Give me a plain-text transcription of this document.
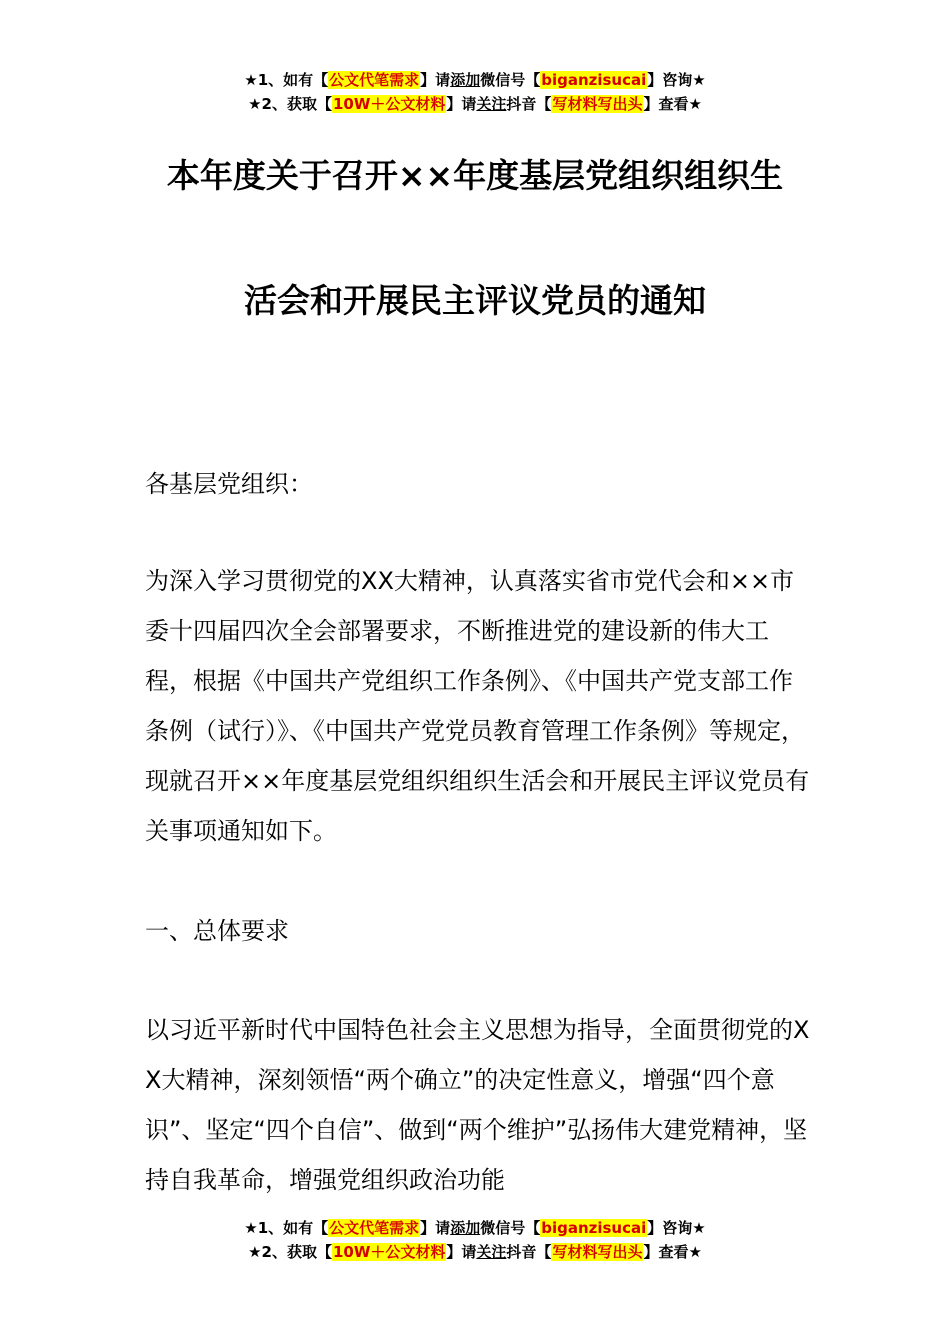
★1、如有【公文代笔需求】请添加微信号【biganzisucai】咨询★
★2、获取【10W＋公文材料】请关注抖音【写材料写出头】查看★
本年度关于召开××年度基层党组织组织生
活会和开展民主评议党员的通知

各基层党组织：

为深入学习贯彻党的XX大精神，认真落实省市党代会和××市委十四届四次全会部署要求，不断推进党的建设新的伟大工程，根据《中国共产党组织工作条例》、《中国共产党支部工作条例（试行）》、《中国共产党党员教育管理工作条例》等规定，现就召开××年度基层党组织组织生活会和开展民主评议党员有关事项通知如下。

一、总体要求

以习近平新时代中国特色社会主义思想为指导，全面贯彻党的XX大精神，深刻领悟“两个确立”的决定性意义，增强“四个意识”、坚定“四个自信”、做到“两个维护”弘扬伟大建党精神，坚持自我革命，增强党组织政治功能

★1、如有【公文代笔需求】请添加微信号【biganzisucai】咨询★
★2、获取【10W＋公文材料】请关注抖音【写材料写出头】查看★
